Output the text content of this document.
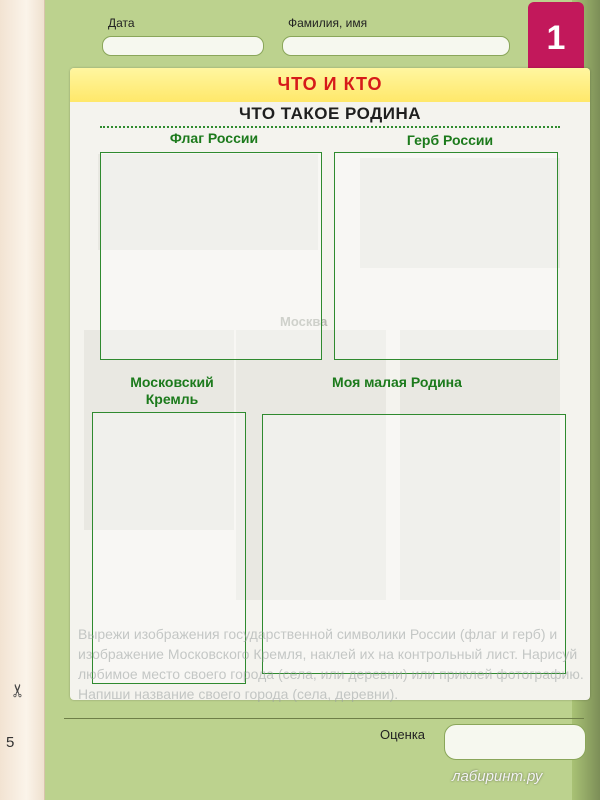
Дата	Фамилия, имя	1
ЧТО И КТО
ЧТО ТАКОЕ РОДИНА
Москва
Флаг России	Герб России
Московский Кремль
Моя малая Родина
Вырежи изображения государственной символики России (флаг и герб) и изображение Московского Кремля, наклей их на контрольный лист. Нарисуй любимое место своего города (села, или деревни) или приклей фотографию. Напиши название своего города (села, деревни).
Оценка
✂
5
лабиринт.ру
